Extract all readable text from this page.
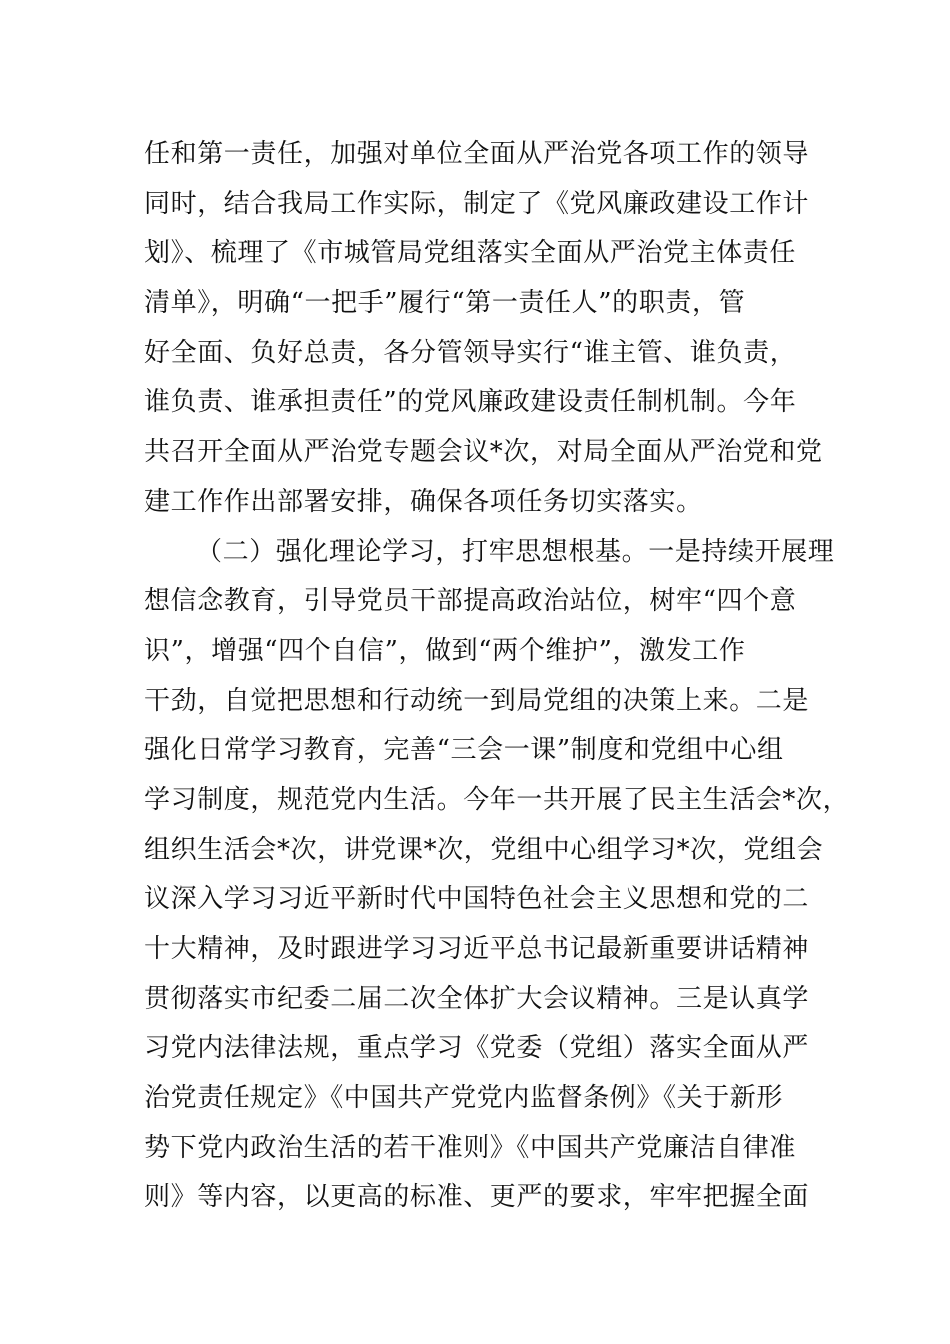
任和第一责任，加强对单位全面从严治党各项工作的领导
同时，结合我局工作实际，制定了《党风廉政建设工作计
划》、梳理了《市城管局党组落实全面从严治党主体责任
清单》，明确“一把手”履行“第一责任人”的职责，管
好全面、负好总责，各分管领导实行“谁主管、谁负责，
谁负责、谁承担责任”的党风廉政建设责任制机制。今年
共召开全面从严治党专题会议*次，对局全面从严治党和党
建工作作出部署安排，确保各项任务切实落实。
（二）强化理论学习，打牢思想根基。一是持续开展理
想信念教育，引导党员干部提高政治站位，树牢“四个意
识”，增强“四个自信”，做到“两个维护”，激发工作
干劲，自觉把思想和行动统一到局党组的决策上来。二是
强化日常学习教育，完善“三会一课”制度和党组中心组
学习制度，规范党内生活。今年一共开展了民主生活会*次，
组织生活会*次，讲党课*次，党组中心组学习*次，党组会
议深入学习习近平新时代中国特色社会主义思想和党的二
十大精神，及时跟进学习习近平总书记最新重要讲话精神
贯彻落实市纪委二届二次全体扩大会议精神。三是认真学
习党内法律法规，重点学习《党委（党组）落实全面从严
治党责任规定》《中国共产党党内监督条例》《关于新形
势下党内政治生活的若干准则》《中国共产党廉洁自律准
则》等内容，以更高的标准、更严的要求，牢牢把握全面
